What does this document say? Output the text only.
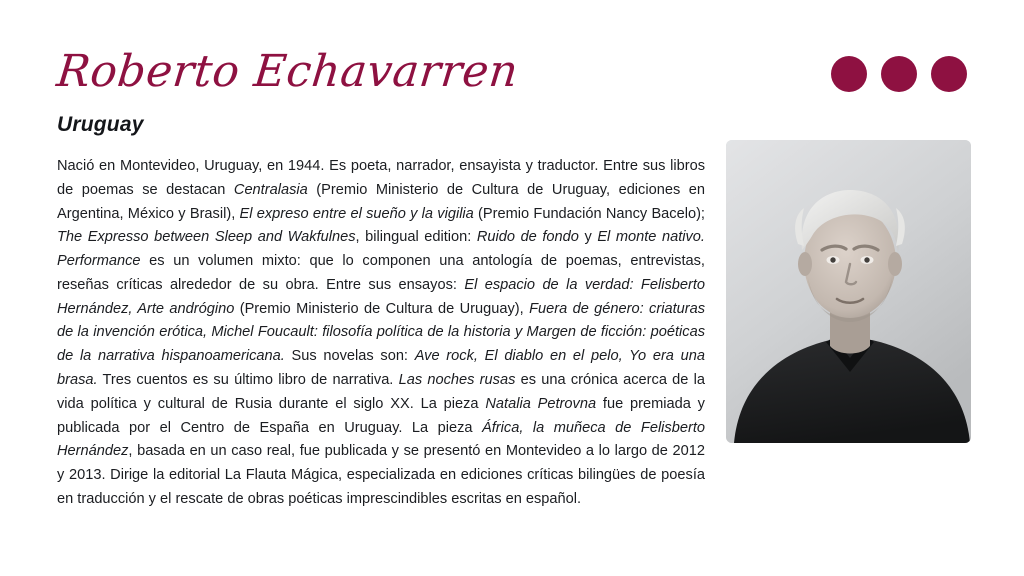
Roberto Echavarren
Uruguay
Nació en Montevideo, Uruguay, en 1944. Es poeta, narrador, ensayista y traductor. Entre sus libros de poemas se destacan Centralasia (Premio Ministerio de Cultura de Uruguay, ediciones en Argentina, México y Brasil), El expreso entre el sueño y la vigilia (Premio Fundación Nancy Bacelo); The Expresso between Sleep and Wakfulnes, bilingual edition: Ruido de fondo y El monte nativo. Performance es un volumen mixto: que lo componen una antología de poemas, entrevistas, reseñas críticas alrededor de su obra. Entre sus ensayos: El espacio de la verdad: Felisberto Hernández, Arte andrógino (Premio Ministerio de Cultura de Uruguay), Fuera de género: criaturas de la invención erótica, Michel Foucault: filosofía política de la historia y Margen de ficción: poéticas de la narrativa hispanoamericana. Sus novelas son: Ave rock, El diablo en el pelo, Yo era una brasa. Tres cuentos es su último libro de narrativa. Las noches rusas es una crónica acerca de la vida política y cultural de Rusia durante el siglo XX. La pieza Natalia Petrovna fue premiada y publicada por el Centro de España en Uruguay. La pieza África, la muñeca de Felisberto Hernández, basada en un caso real, fue publicada y se presentó en Montevideo a lo largo de 2012 y 2013. Dirige la editorial La Flauta Mágica, especializada en ediciones críticas bilingües de poesía en traducción y el rescate de obras poéticas imprescindibles escritas en español.
